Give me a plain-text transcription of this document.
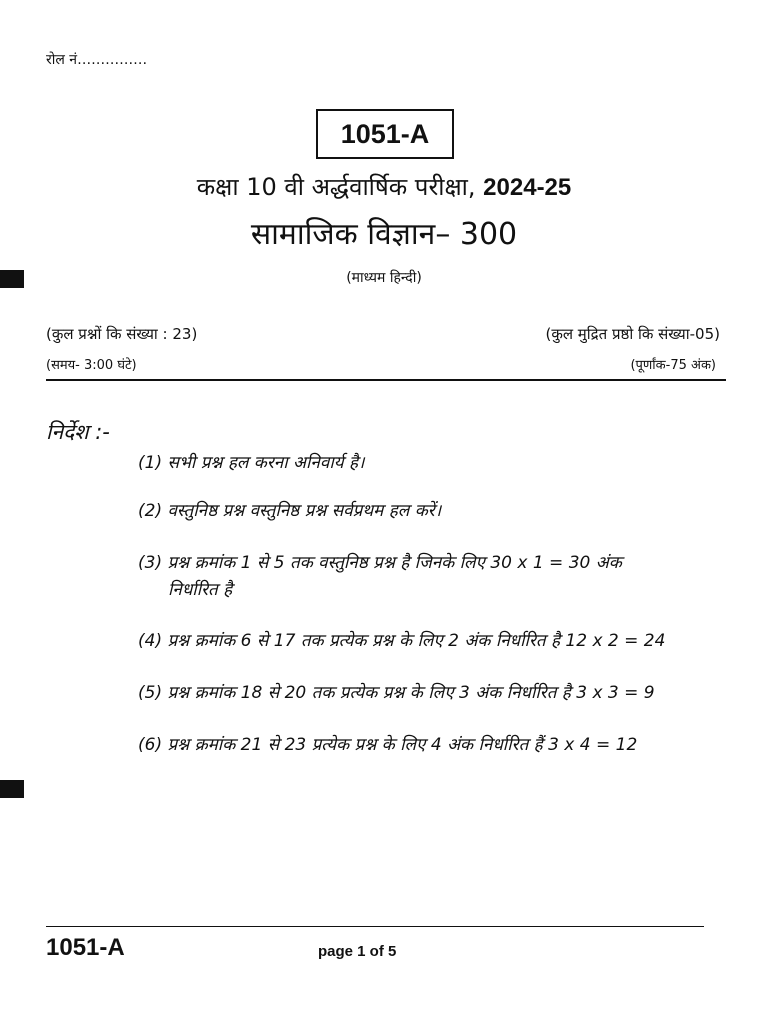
रोल नं……………
1051-A
कक्षा 10 वी अर्द्धवार्षिक परीक्षा, 2024-25
सामाजिक विज्ञान– 300
(माध्यम हिन्दी)
(कुल प्रश्नों कि संख्या : 23)	(कुल मुद्रित प्रष्ठो कि संख्या-05)
(समय- 3:00 घंटे)	(पूर्णांक-75 अंक)
निर्देश :-
(1) सभी प्रश्न हल करना अनिवार्य है।
(2) वस्तुनिष्ठ प्रश्न वस्तुनिष्ठ प्रश्न सर्वप्रथम हल करें।
(3) प्रश्न क्रमांक 1 से 5 तक वस्तुनिष्ठ प्रश्न है जिनके लिए 30 x 1 = 30 अंक
निर्धारित है
(4) प्रश्न क्रमांक 6 से 17 तक प्रत्येक प्रश्न के लिए 2 अंक निर्धारित है 12 x 2 = 24
(5) प्रश्न क्रमांक 18 से 20 तक प्रत्येक प्रश्न के लिए 3 अंक निर्धारित है 3 x 3 = 9
(6) प्रश्न क्रमांक 21 से 23 प्रत्येक प्रश्न के लिए 4 अंक निर्धारित हैं 3 x 4 = 12
1051-A	page 1 of 5
